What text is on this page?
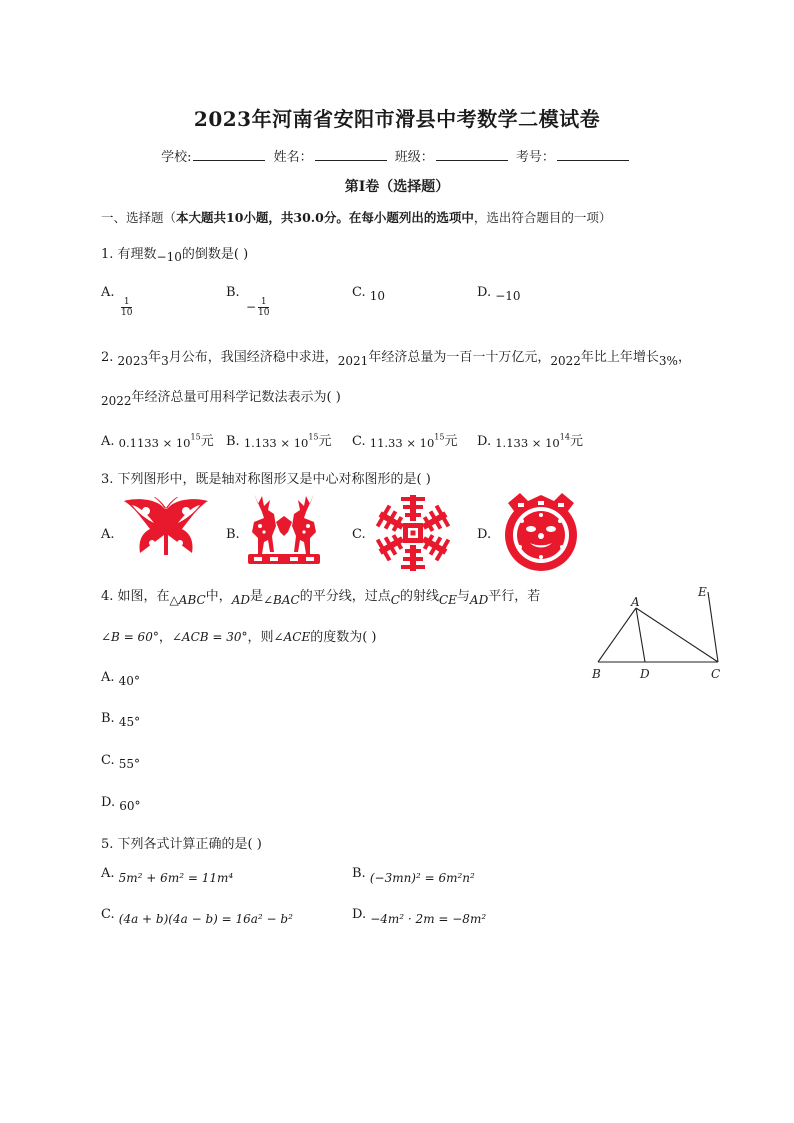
2023年河南省安阳市滑县中考数学二模试卷
学校:	姓名：	班级：	考号：
第I卷（选择题）
一、选择题（本大题共10小题，共30.0分。在每小题列出的选项中，选出符合题目的一项）
1. 有理数−10的倒数是( )
A.
$\frac{1}{10}$
B.
− $\frac{1}{10}$
C. 10	D. −10
2. 2023年3月公布，我国经济稳中求进，2021年经济总量为一百一十万亿元，2022年比上年增长3%，
2022年经济总量可用科学记数法表示为( )
A. $0.1133 \times 10^{15}$元 B. $1.133 \times 10^{15}$元 C. $11.33 \times 10^{15}$元 D. $1.133 \times 10^{14}$元
3. 下列图形中，既是轴对称图形又是中心对称图形的是( )
A.	B.	C.	D.
4. 如图，在△ABC中，AD是∠BAC的平分线，过点C的射线CE与AD平行，若
∠B = 60°，∠ACB = 30°，则∠ACE的度数为( )
A
B	C
D
E
A. 40°
B. 45°
C. 55°
D. 60°
5. 下列各式计算正确的是( )
A. 5m² + 6m² = 11m⁴	B. (−3mn)² = 6m²n²
C. (4a + b)(4a − b) = 16a² − b²	D. −4m² · 2m = −8m²
